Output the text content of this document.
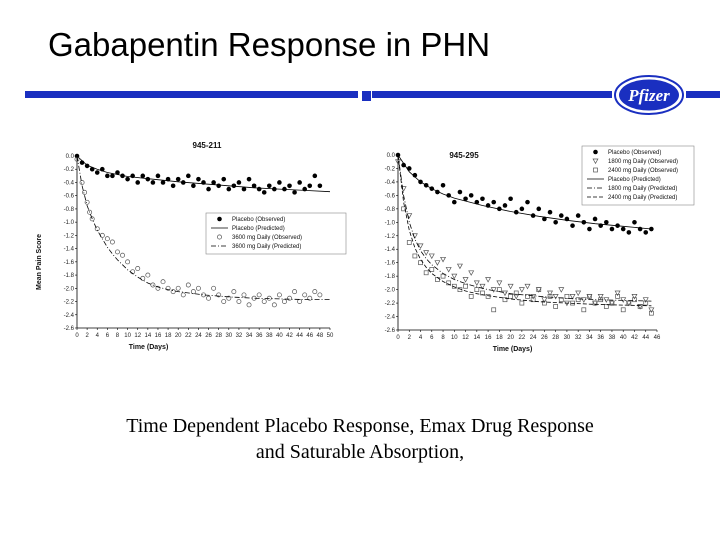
Gabapentin Response in PHN
Pfizer
0.0
-0.2
-0.4
-0.6
-0.8
-1.0
-1.2
-1.4
-1.6
-1.8
-2.0
-2.2
-2.4
-2.6
0 2 4 6 8 10 12 14 16 18 20 22 24 26 28 30 32 34 36 38 40 42 44 46 48 50
Time (Days)
Mean Pain Score
945-211
Placebo (Observed)
Placebo (Predicted)
3600 mg Daily (Observed)
3600 mg Daily (Predicted)
0.0
-0.2
-0.4
-0.6
-0.8
-1.0
-1.2
-1.4
-1.6
-1.8
-2.0
-2.2
-2.4
-2.6
0 2 4 6 8 10 12 14 16 18 20 22 24 26 28 30 32 34 36 38 40 42 44 46
Time (Days)
945-295	Placebo (Observed)
1800 mg Daily (Observed)
2400 mg Daily (Observed)
Placebo (Predicted)
1800 mg Daily (Predicted)
2400 mg Daily (Predicted)
Time Dependent Placebo Response, Emax Drug Response
and Saturable Absorption,
